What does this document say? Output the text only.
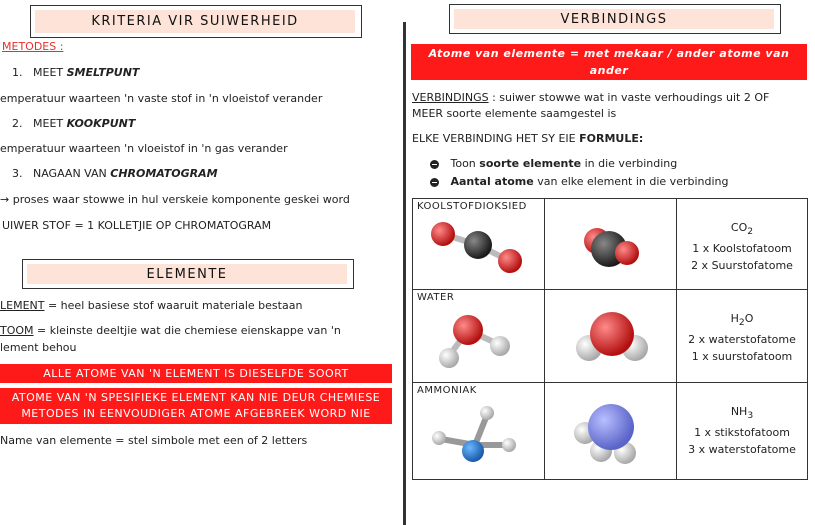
KRITERIA VIR SUIWERHEID
METODES :
1. MEET SMELTPUNT
emperatuur waarteen 'n vaste stof in 'n vloeistof verander
2. MEET KOOKPUNT
emperatuur waarteen 'n vloeistof in 'n gas verander
3. NAGAAN VAN CHROMATOGRAM
→ proses waar stowwe in hul verskeie komponente geskei word
UIWER STOF = 1 KOLLETJIE OP CHROMATOGRAM
ELEMENTE
LEMENT = heel basiese stof waaruit materiale bestaan
TOOM = kleinste deeltjie wat die chemiese eienskappe van 'n
lement behou
ALLE ATOME VAN 'N ELEMENT IS DIESELFDE SOORT
ATOME VAN 'N SPESIFIEKE ELEMENT KAN NIE DEUR CHEMIESE
METODES IN EENVOUDIGER ATOME AFGEBREEK WORD NIE
Name van elemente = stel simbole met een of 2 letters
VERBINDINGS
Atome van elemente = met mekaar / ander atome van ander
elemente reageer om VERBINDINGS te vorm
VERBINDINGS : suiwer stowwe wat in vaste verhoudings uit 2 OF
MEER soorte elemente saamgestel is
ELKE VERBINDING HET SY EIE FORMULE:
Toon soorte elemente in die verbinding
Aantal atome van elke element in die verbinding
KOOLSTOFDIOKSIED		$CO_2$
1 x Koolstofatoom
2 x Suurstofatome

WATER		$H_2O$
2 x waterstofatome
1 x suurstofatoom

AMMONIAK		$NH_3$
1 x stikstofatoom
3 x waterstofatome
